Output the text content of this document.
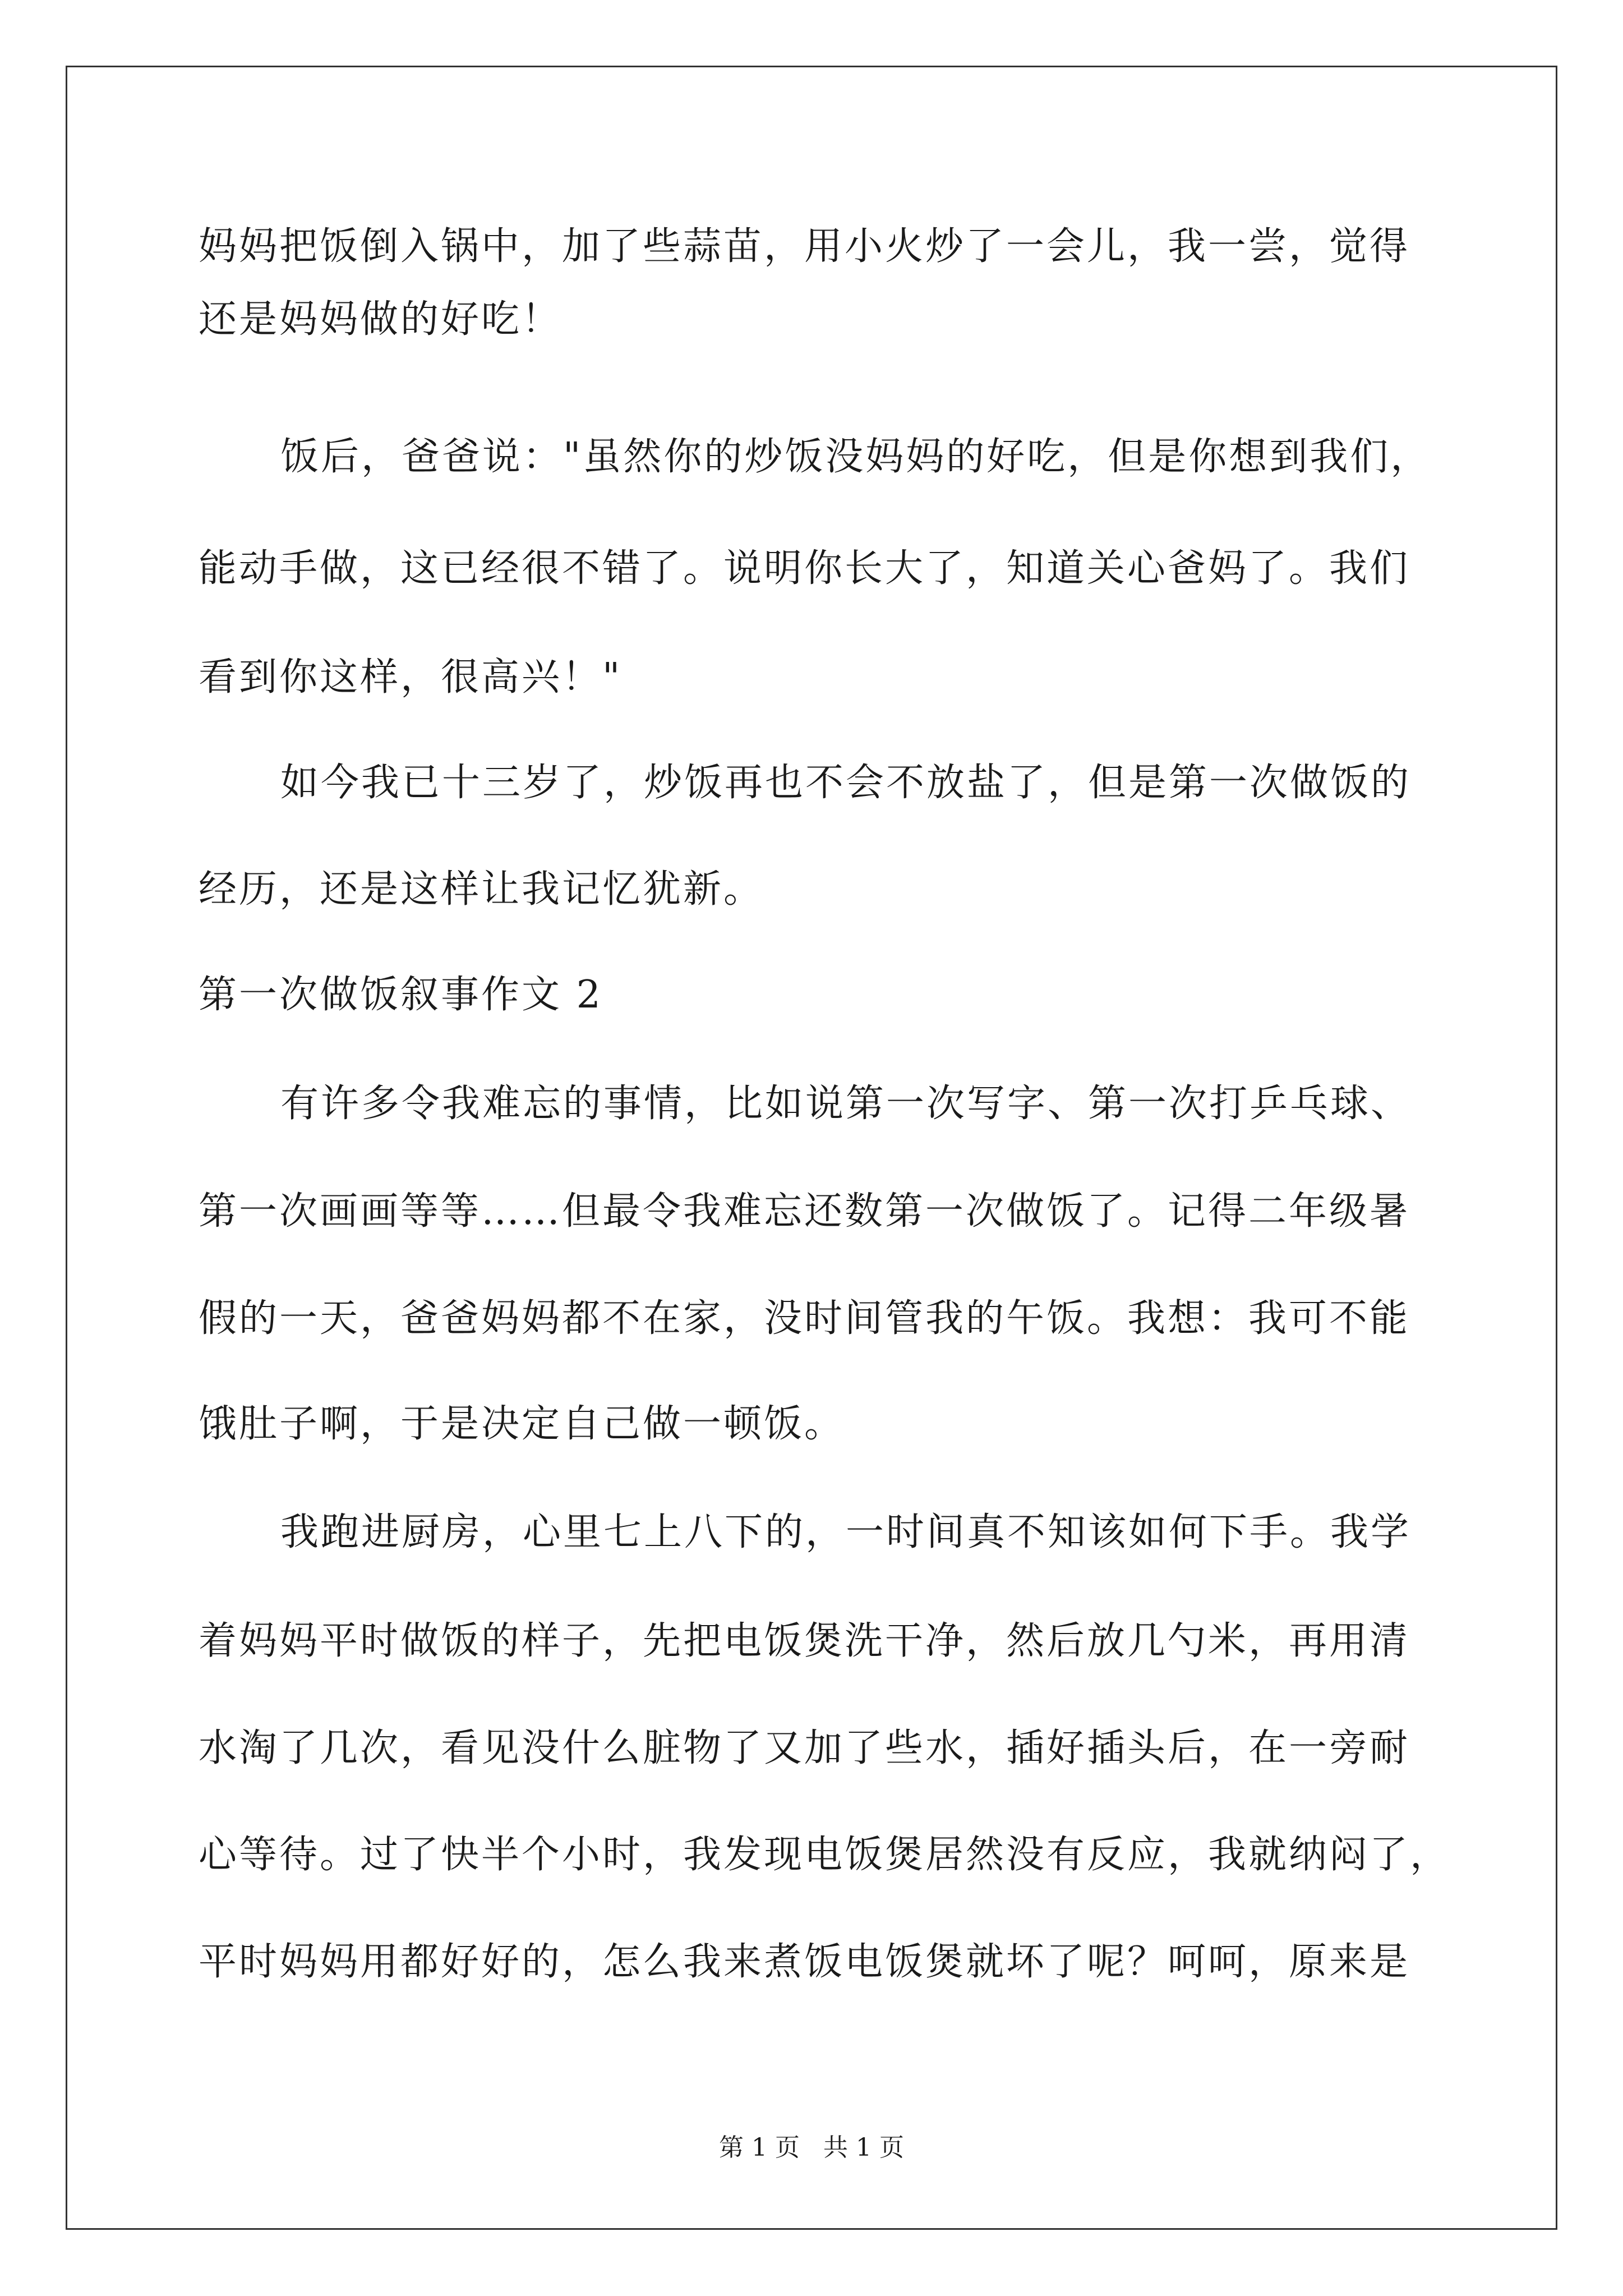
妈妈把饭倒入锅中，加了些蒜苗，用小火炒了一会儿，我一尝，觉得
还是妈妈做的好吃！
饭后，爸爸说："虽然你的炒饭没妈妈的好吃，但是你想到我们，
能动手做，这已经很不错了。说明你长大了，知道关心爸妈了。我们
看到你这样，很高兴！"
如今我已十三岁了，炒饭再也不会不放盐了，但是第一次做饭的
经历，还是这样让我记忆犹新。
第一次做饭叙事作文 2
有许多令我难忘的事情，比如说第一次写字、第一次打乒乓球、
第一次画画等等……但最令我难忘还数第一次做饭了。记得二年级暑
假的一天，爸爸妈妈都不在家，没时间管我的午饭。我想：我可不能
饿肚子啊，于是决定自己做一顿饭。
我跑进厨房，心里七上八下的，一时间真不知该如何下手。我学
着妈妈平时做饭的样子，先把电饭煲洗干净，然后放几勺米，再用清
水淘了几次，看见没什么脏物了又加了些水，插好插头后，在一旁耐
心等待。过了快半个小时，我发现电饭煲居然没有反应，我就纳闷了，
平时妈妈用都好好的，怎么我来煮饭电饭煲就坏了呢？呵呵，原来是
第 1 页   共 1 页
